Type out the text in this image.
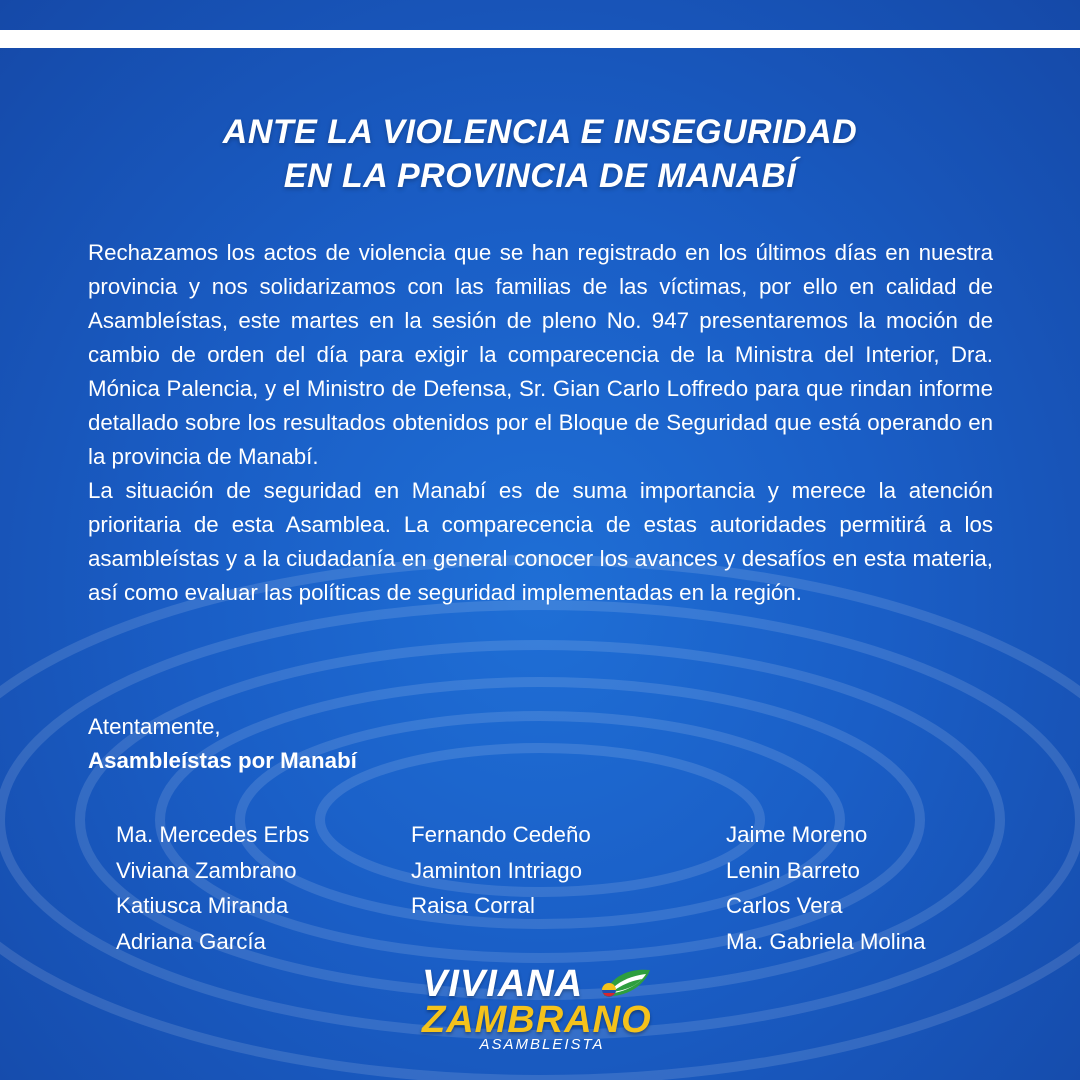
ANTE LA VIOLENCIA E INSEGURIDAD
EN LA PROVINCIA DE MANABÍ

Rechazamos los actos de violencia que se han registrado en los últimos días en nuestra provincia y nos solidarizamos con las familias de las víctimas, por ello en calidad de Asambleístas, este martes en la sesión de pleno No. 947 presentaremos la moción de cambio de orden del día para exigir la comparecencia de la Ministra del Interior, Dra. Mónica Palencia, y el Ministro de Defensa, Sr. Gian Carlo Loffredo para que rindan informe detallado sobre los resultados obtenidos por el Bloque de Seguridad que está operando en la provincia de Manabí.

La situación de seguridad en Manabí es de suma importancia y merece la atención prioritaria de esta Asamblea. La comparecencia de estas autoridades permitirá a los asambleístas y a la ciudadanía en general conocer los avances y desafíos en esta materia, así como evaluar las políticas de seguridad implementadas en la región.

Atentamente,
Asambleístas por Manabí
Ma. Mercedes Erbs
Viviana Zambrano
Katiusca Miranda
Adriana García
Fernando Cedeño
Jaminton Intriago
Raisa Corral
Jaime Moreno
Lenin Barreto
Carlos Vera
Ma. Gabriela Molina
VIVIANA
ZAMBRANO
ASAMBLEISTA
